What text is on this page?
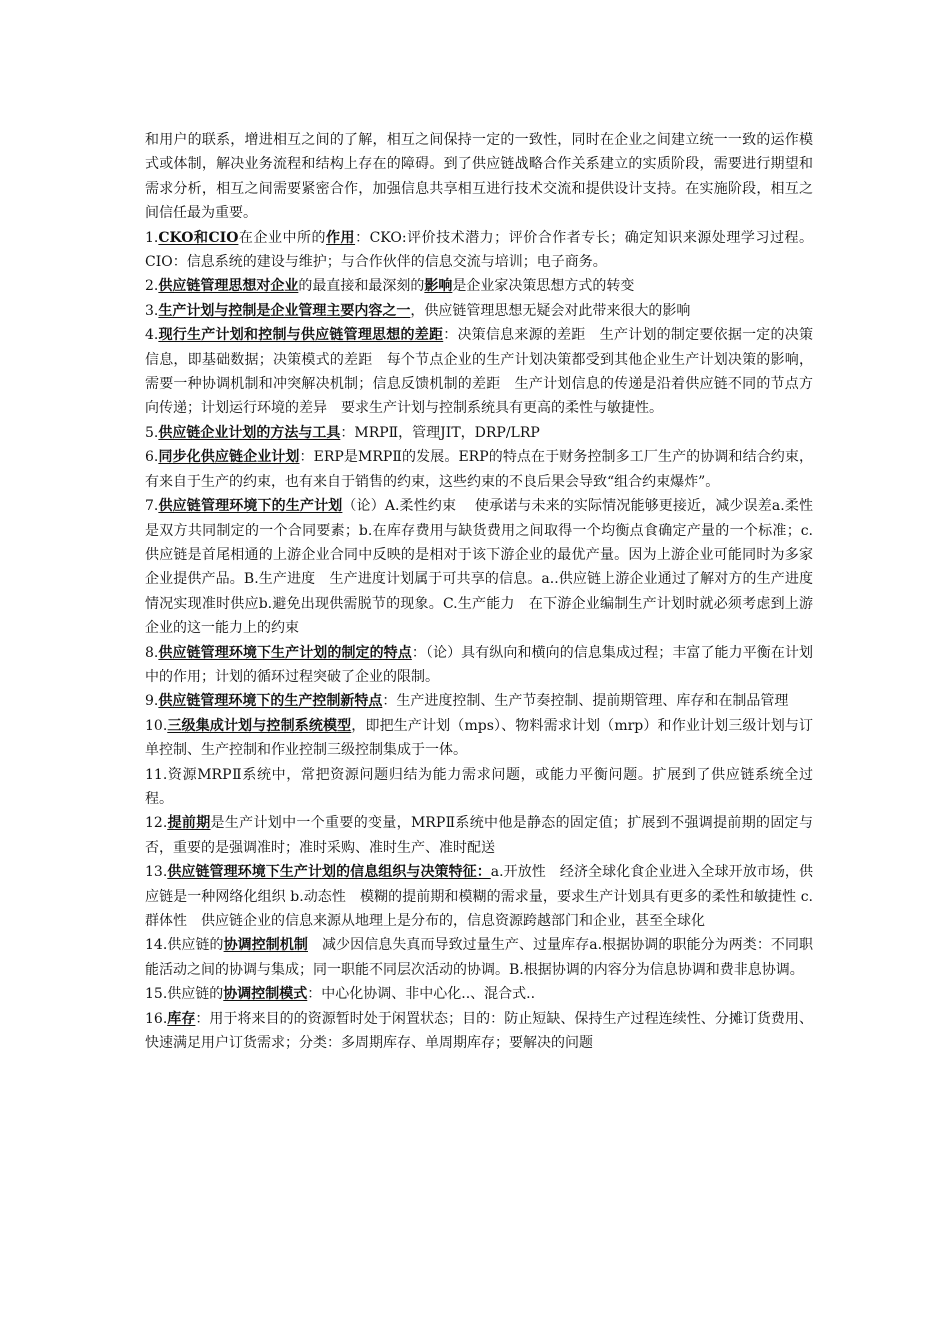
和用户的联系，增进相互之间的了解，相互之间保持一定的一致性，同时在企业之间建立统一一致的运作模式或体制，解决业务流程和结构上存在的障碍。到了供应链战略合作关系建立的实质阶段，需要进行期望和需求分析，相互之间需要紧密合作，加强信息共享相互进行技术交流和提供设计支持。在实施阶段，相互之间信任最为重要。

1.CKO和CIO在企业中所的作用：CKO:评价技术潜力；评价合作者专长；确定知识来源处理学习过程。CIO：信息系统的建设与维护；与合作伙伴的信息交流与培训；电子商务。

2.供应链管理思想对企业的最直接和最深刻的影响是企业家决策思想方式的转变

3.生产计划与控制是企业管理主要内容之一，供应链管理思想无疑会对此带来很大的影响

4.现行生产计划和控制与供应链管理思想的差距：决策信息来源的差距　生产计划的制定要依据一定的决策信息，即基础数据；决策模式的差距　每个节点企业的生产计划决策都受到其他企业生产计划决策的影响，需要一种协调机制和冲突解决机制；信息反馈机制的差距　生产计划信息的传递是沿着供应链不同的节点方向传递；计划运行环境的差异　要求生产计划与控制系统具有更高的柔性与敏捷性。

5.供应链企业计划的方法与工具：MRPⅡ，管理JIT，DRP/LRP

6.同步化供应链企业计划：ERP是MRPⅡ的发展。ERP的特点在于财务控制多工厂生产的协调和结合约束，有来自于生产的约束，也有来自于销售的约束，这些约束的不良后果会导致“组合约束爆炸”。

7.供应链管理环境下的生产计划（论）A.柔性约束　 使承诺与未来的实际情况能够更接近，减少误差a.柔性是双方共同制定的一个合同要素；b.在库存费用与缺货费用之间取得一个均衡点食确定产量的一个标准；c.供应链是首尾相通的上游企业合同中反映的是相对于该下游企业的最优产量。因为上游企业可能同时为多家企业提供产品。B.生产进度　生产进度计划属于可共享的信息。a..供应链上游企业通过了解对方的生产进度情况实现准时供应b.避免出现供需脱节的现象。C.生产能力　在下游企业编制生产计划时就必须考虑到上游企业的这一能力上的约束

8.供应链管理环境下生产计划的制定的特点：（论）具有纵向和横向的信息集成过程；丰富了能力平衡在计划中的作用；计划的循环过程突破了企业的限制。

9.供应链管理环境下的生产控制新特点：生产进度控制、生产节奏控制、提前期管理、库存和在制品管理

10.三级集成计划与控制系统模型，即把生产计划（mps）、物料需求计划（mrp）和作业计划三级计划与订单控制、生产控制和作业控制三级控制集成于一体。

11.资源MRPⅡ系统中，常把资源问题归结为能力需求问题，或能力平衡问题。扩展到了供应链系统全过程。

12.提前期是生产计划中一个重要的变量，MRPⅡ系统中他是静态的固定值；扩展到不强调提前期的固定与否，重要的是强调准时；准时采购、准时生产、准时配送

13.供应链管理环境下生产计划的信息组织与决策特征：a.开放性　经济全球化食企业进入全球开放市场，供应链是一种网络化组织 b.动态性　模糊的提前期和模糊的需求量，要求生产计划具有更多的柔性和敏捷性 c.群体性　供应链企业的信息来源从地理上是分布的，信息资源跨越部门和企业，甚至全球化

14.供应链的协调控制机制　减少因信息失真而导致过量生产、过量库存a.根据协调的职能分为两类：不同职能活动之间的协调与集成；同一职能不同层次活动的协调。B.根据协调的内容分为信息协调和费非息协调。

15.供应链的协调控制模式：中心化协调、非中心化..、混合式..

16.库存：用于将来目的的资源暂时处于闲置状态；目的：防止短缺、保持生产过程连续性、分摊订货费用、快速满足用户订货需求；分类：多周期库存、单周期库存；要解决的问题
